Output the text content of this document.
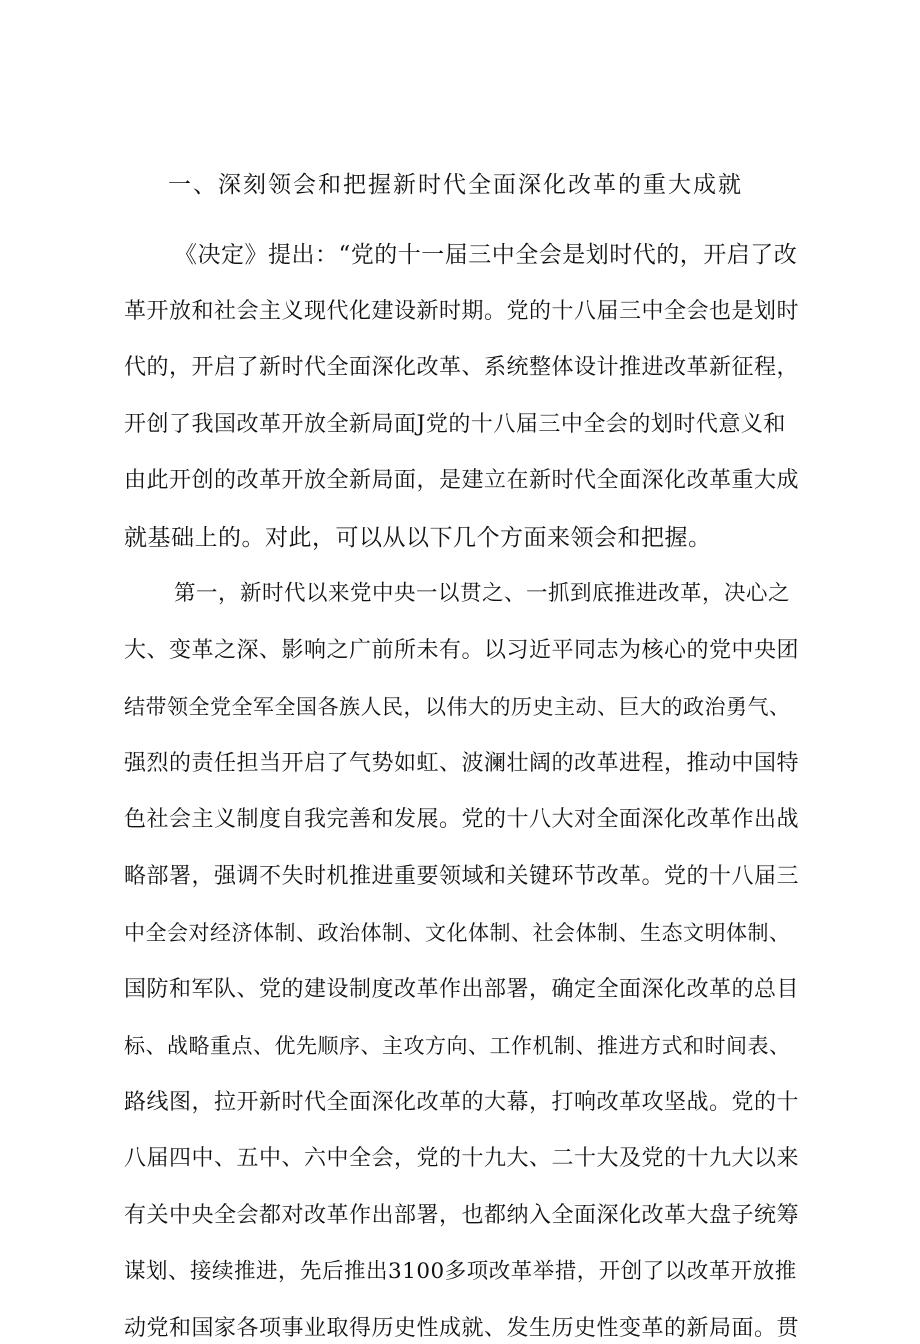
一、深刻领会和把握新时代全面深化改革的重大成就
《决定》提出：“党的十一届三中全会是划时代的，开启了改
革开放和社会主义现代化建设新时期。党的十八届三中全会也是划时
代的，开启了新时代全面深化改革、系统整体设计推进改革新征程，
开创了我国改革开放全新局面J党的十八届三中全会的划时代意义和
由此开创的改革开放全新局面，是建立在新时代全面深化改革重大成
就基础上的。对此，可以从以下几个方面来领会和把握。
第一，新时代以来党中央一以贯之、一抓到底推进改革，决心之
大、变革之深、影响之广前所未有。以习近平同志为核心的党中央团
结带领全党全军全国各族人民，以伟大的历史主动、巨大的政治勇气、
强烈的责任担当开启了气势如虹、波澜壮阔的改革进程，推动中国特
色社会主义制度自我完善和发展。党的十八大对全面深化改革作出战
略部署，强调不失时机推进重要领域和关键环节改革。党的十八届三
中全会对经济体制、政治体制、文化体制、社会体制、生态文明体制、
国防和军队、党的建设制度改革作出部署，确定全面深化改革的总目
标、战略重点、优先顺序、主攻方向、工作机制、推进方式和时间表、
路线图，拉开新时代全面深化改革的大幕，打响改革攻坚战。党的十
八届四中、五中、六中全会，党的十九大、二十大及党的十九大以来
有关中央全会都对改革作出部署，也都纳入全面深化改革大盘子统筹
谋划、接续推进，先后推出3100多项改革举措，开创了以改革开放推
动党和国家各项事业取得历史性成就、发生历史性变革的新局面。贯
